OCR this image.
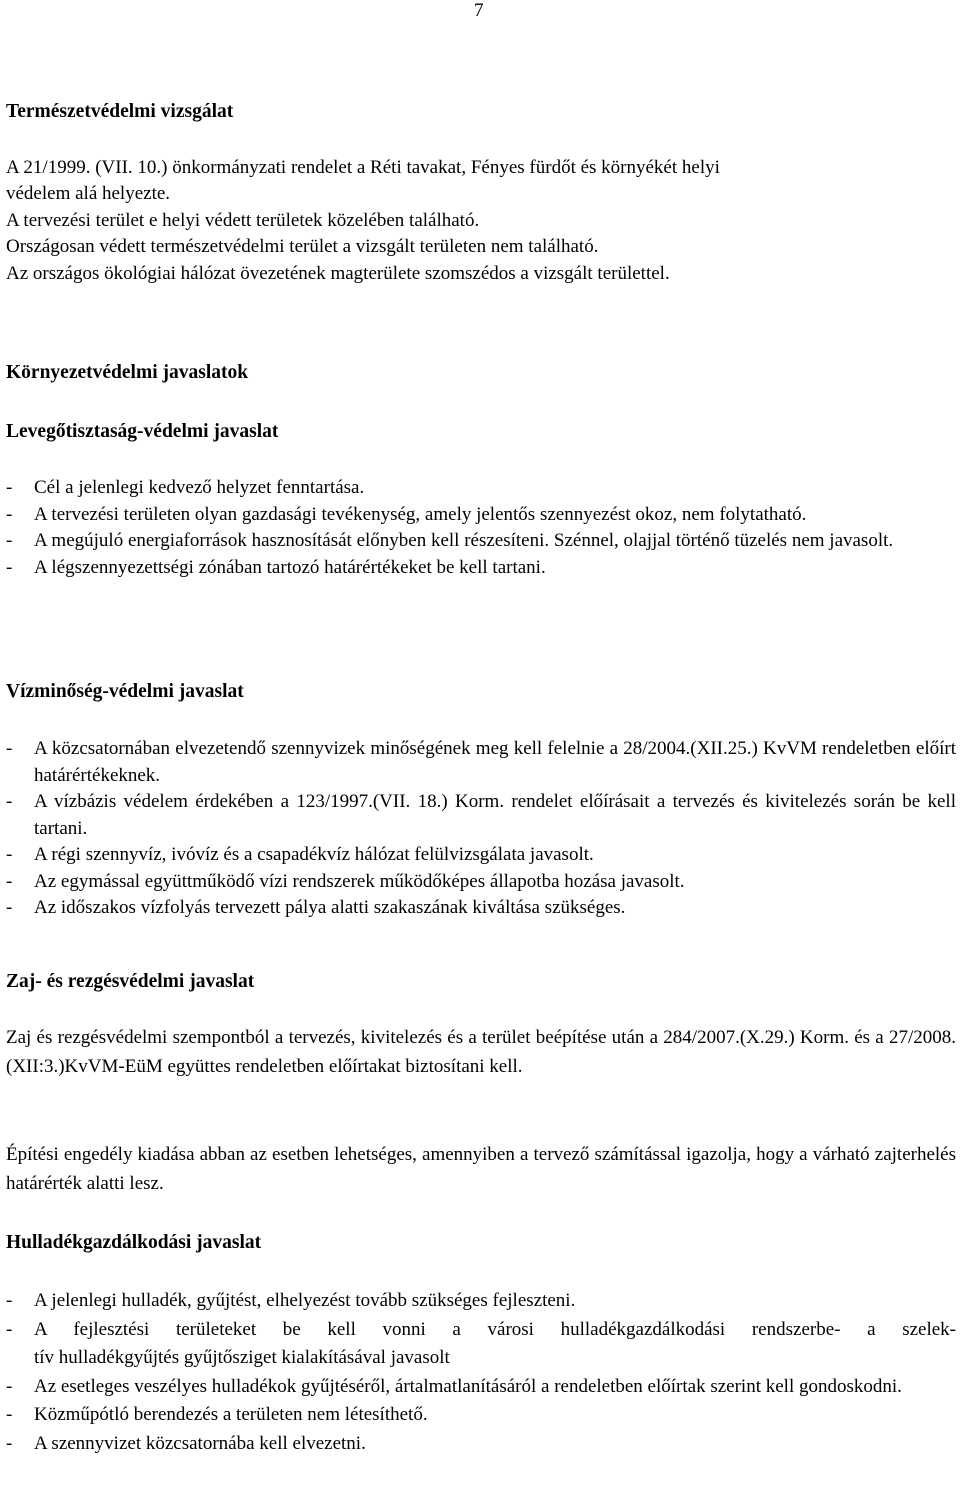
7
Természetvédelmi vizsgálat

A 21/1999. (VII. 10.) önkormányzati rendelet a Réti tavakat, Fényes fürdőt és környékét helyi

védelem alá helyezte.

A tervezési terület e helyi védett területek közelében található.

Országosan védett természetvédelmi terület a vizsgált területen nem található.

Az országos ökológiai hálózat övezetének magterülete szomszédos a vizsgált területtel.

Környezetvédelmi javaslatok
Levegőtisztaság-védelmi javaslat
- Cél a jelenlegi kedvező helyzet fenntartása.
- A tervezési területen olyan gazdasági tevékenység, amely jelentős szennyezést okoz, nem folytatható.
- A megújuló energiaforrások hasznosítását előnyben kell részesíteni. Szénnel, olajjal történő tüzelés nem javasolt.
- A légszennyezettségi zónában tartozó határértékeket be kell tartani.
Vízminőség-védelmi javaslat
- A közcsatornában elvezetendő szennyvizek minőségének meg kell felelnie a 28/2004.(XII.25.) KvVM rendeletben előírt határértékeknek.
- A vízbázis védelem érdekében a 123/1997.(VII. 18.) Korm. rendelet előírásait a tervezés és kivitelezés során be kell tartani.
- A régi szennyvíz, ivóvíz és a csapadékvíz hálózat felülvizsgálata javasolt.
- Az egymással együttműködő vízi rendszerek működőképes állapotba hozása javasolt.
- Az időszakos vízfolyás tervezett pálya alatti szakaszának kiváltása szükséges.
Zaj- és rezgésvédelmi javaslat

Zaj és rezgésvédelmi szempontból a tervezés, kivitelezés és a terület beépítése után a 284/2007.(X.29.) Korm. és a 27/2008.(XII:3.)KvVM-EüM együttes rendeletben előírtakat biztosítani kell.

Építési engedély kiadása abban az esetben lehetséges, amennyiben a tervező számítással igazolja, hogy a várható zajterhelés határérték alatti lesz.

Hulladékgazdálkodási javaslat
- A jelenlegi hulladék, gyűjtést, elhelyezést tovább szükséges fejleszteni.
- A fejlesztési területeket be kell vonni a városi hulladékgazdálkodási rendszerbe- a szelek-
tív hulladékgyűjtés gyűjtősziget kialakításával javasolt
- Az esetleges veszélyes hulladékok gyűjtéséről, ártalmatlanításáról a rendeletben előírtak szerint kell gondoskodni.
- Közműpótló berendezés a területen nem létesíthető.
- A szennyvizet közcsatornába kell elvezetni.
